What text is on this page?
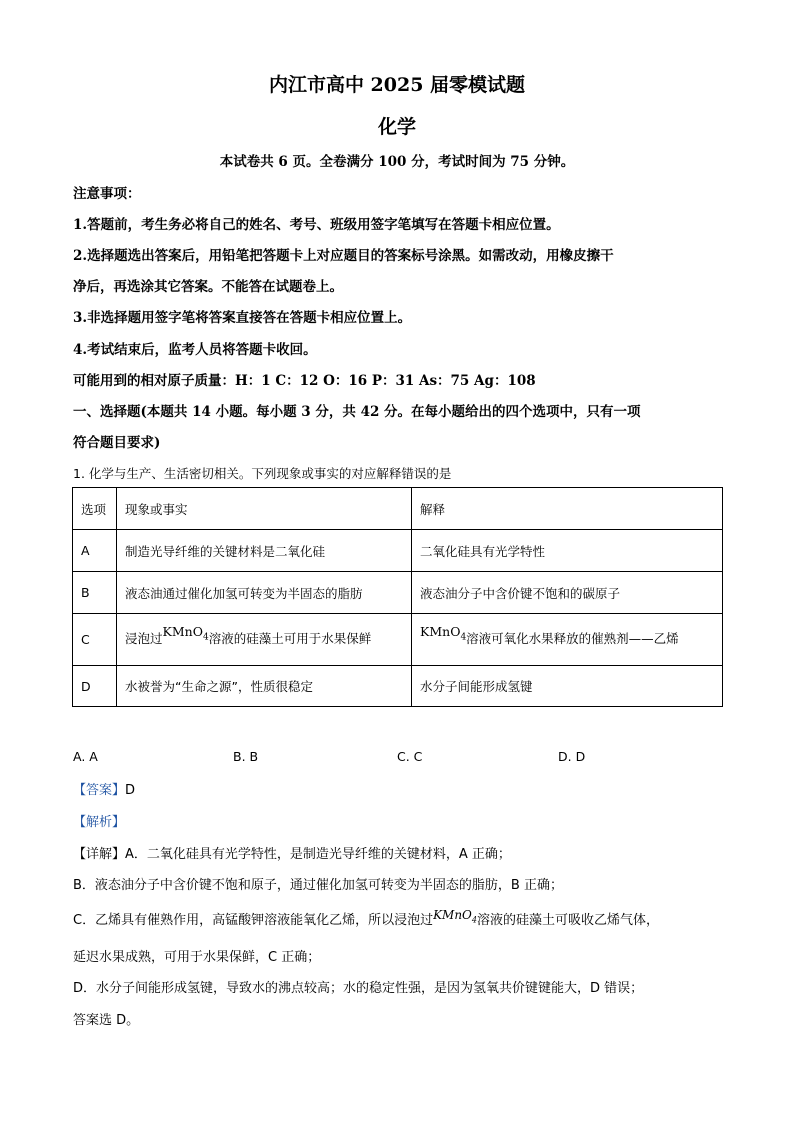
内江市高中 2025 届零模试题
化学
本试卷共 6 页。全卷满分 100 分，考试时间为 75 分钟。
注意事项：
1.答题前，考生务必将自己的姓名、考号、班级用签字笔填写在答题卡相应位置。
2.选择题选出答案后，用铅笔把答题卡上对应题目的答案标号涂黑。如需改动，用橡皮擦干
净后，再选涂其它答案。不能答在试题卷上。
3.非选择题用签字笔将答案直接答在答题卡相应位置上。
4.考试结束后，监考人员将答题卡收回。
可能用到的相对原子质量：H：1 C：12 O：16 P：31 As：75 Ag：108
一、选择题(本题共 14 小题。每小题 3 分，共 42 分。在每小题给出的四个选项中，只有一项
符合题目要求)
1. 化学与生产、生活密切相关。下列现象或事实的对应解释错误的是
选项	现象或事实	解释
A	制造光导纤维的关键材料是二氧化硅	二氧化硅具有光学特性
B	液态油通过催化加氢可转变为半固态的脂肪	液态油分子中含价键不饱和的碳原子
C	浸泡过KMnO$_4$溶液的硅藻土可用于水果保鲜	KMnO$_4$溶液可氧化水果释放的催熟剂——乙烯
D	水被誉为“生命之源”，性质很稳定	水分子间能形成氢键
A. A	B. B	C. C	D. D
【答案】D
【解析】
【详解】A．二氧化硅具有光学特性，是制造光导纤维的关键材料，A 正确；
B．液态油分子中含价键不饱和原子，通过催化加氢可转变为半固态的脂肪，B 正确；
C．乙烯具有催熟作用，高锰酸钾溶液能氧化乙烯，所以浸泡过KMnO$_4$溶液的硅藻土可吸收乙烯气体，
延迟水果成熟，可用于水果保鲜，C 正确；
D．水分子间能形成氢键，导致水的沸点较高；水的稳定性强，是因为氢氧共价键键能大，D 错误；
答案选 D。
